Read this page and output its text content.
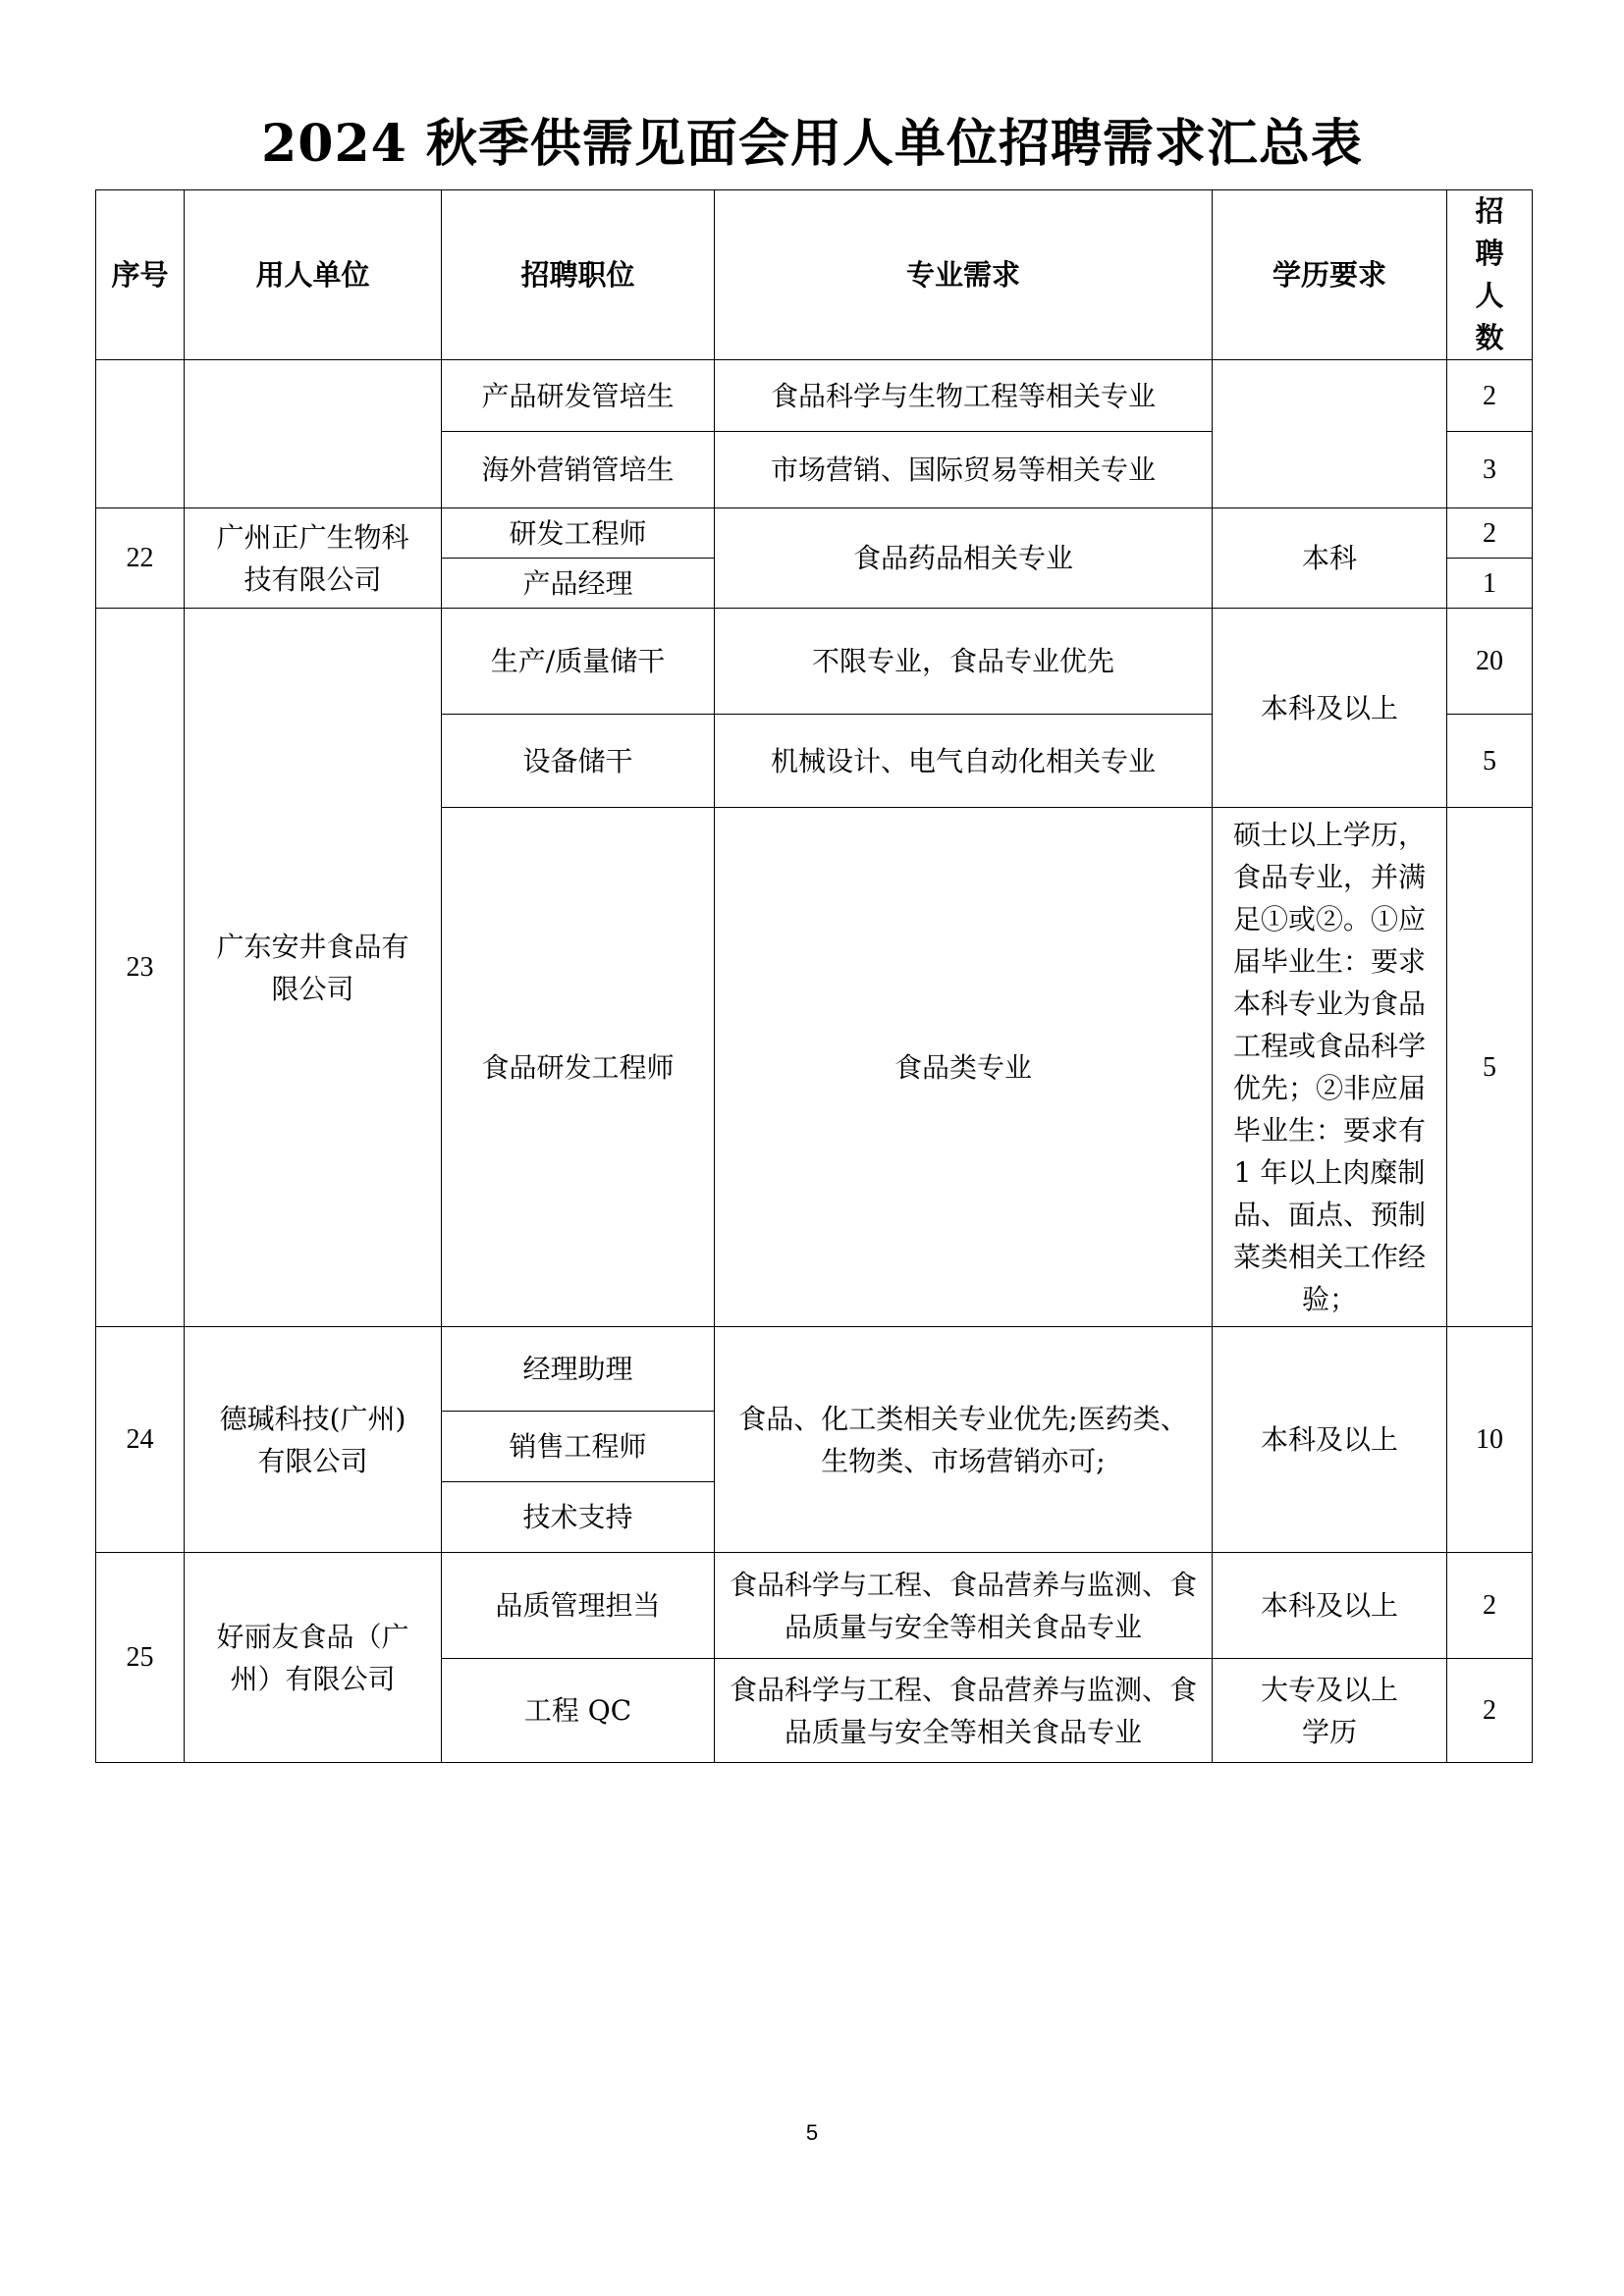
2024 秋季供需见面会用人单位招聘需求汇总表
序号	用人单位	招聘职位	专业需求	学历要求	招聘人数
		产品研发管培生	食品科学与生物工程等相关专业		2
		海外营销管培生	市场营销、国际贸易等相关专业		3
22	广州正广生物科技有限公司	研发工程师	食品药品相关专业	本科	2
		产品经理			1
23	广东安井食品有限公司	生产/质量储干	不限专业，食品专业优先	本科及以上	20
		设备储干	机械设计、电气自动化相关专业		5
		食品研发工程师	食品类专业	硕士以上学历，食品专业，并满足①或②。①应届毕业生：要求本科专业为食品工程或食品科学优先；②非应届毕业生：要求有 1 年以上肉糜制品、面点、预制菜类相关工作经验；	5
24	德瑊科技(广州)有限公司	经理助理	食品、化工类相关专业优先;医药类、生物类、市场营销亦可;	本科及以上	10
		销售工程师			
		技术支持			
25	好丽友食品（广州）有限公司	品质管理担当	食品科学与工程、食品营养与监测、食品质量与安全等相关食品专业	本科及以上	2
		工程 QC	食品科学与工程、食品营养与监测、食品质量与安全等相关食品专业	大专及以上学历	2
5
